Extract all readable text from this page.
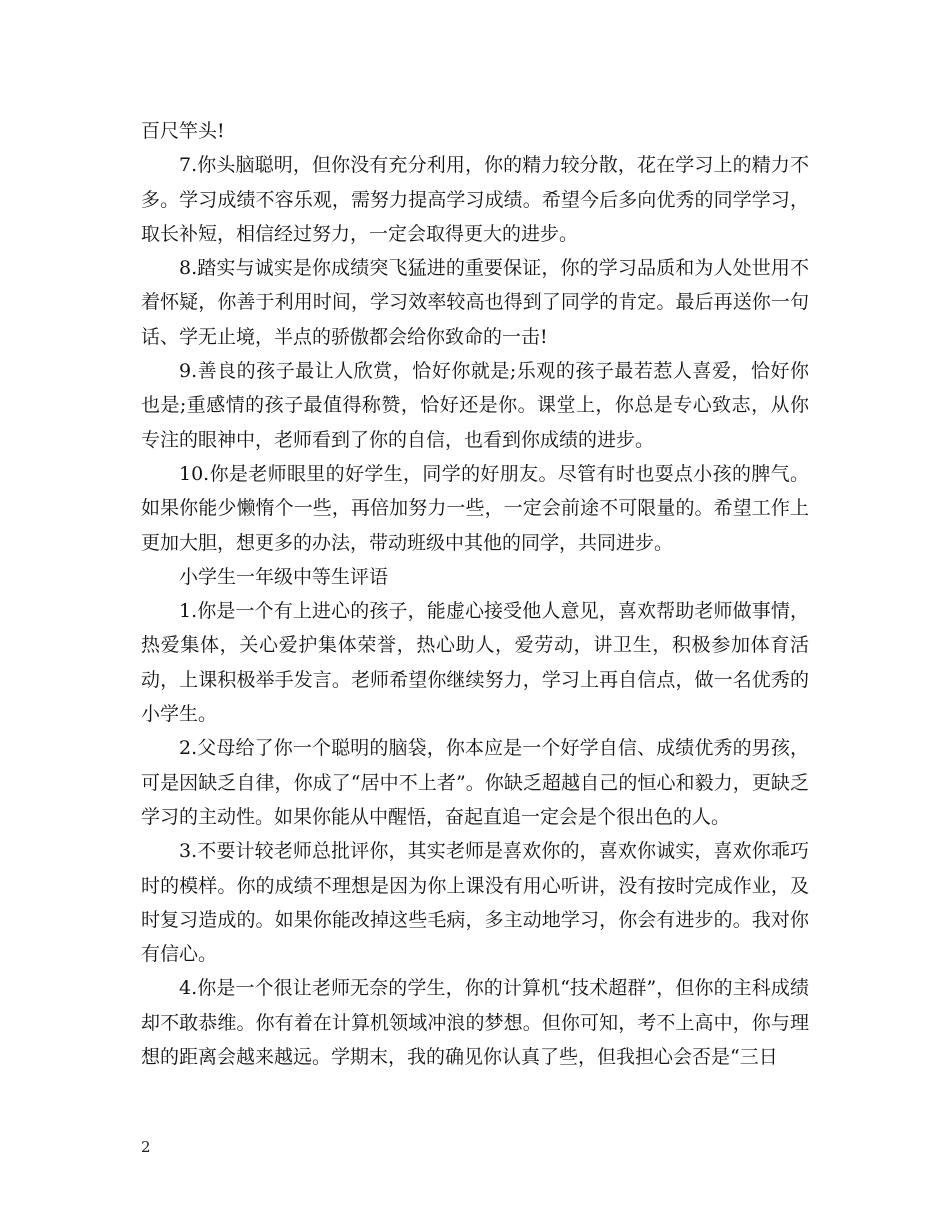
百尺竿头!

7.你头脑聪明，但你没有充分利用，你的精力较分散，花在学习上的精力不多。学习成绩不容乐观，需努力提高学习成绩。希望今后多向优秀的同学学习，取长补短，相信经过努力，一定会取得更大的进步。

8.踏实与诚实是你成绩突飞猛进的重要保证，你的学习品质和为人处世用不着怀疑，你善于利用时间，学习效率较高也得到了同学的肯定。最后再送你一句话、学无止境，半点的骄傲都会给你致命的一击!

9.善良的孩子最让人欣赏，恰好你就是;乐观的孩子最若惹人喜爱，恰好你也是;重感情的孩子最值得称赞，恰好还是你。课堂上，你总是专心致志，从你专注的眼神中，老师看到了你的自信，也看到你成绩的进步。

10.你是老师眼里的好学生，同学的好朋友。尽管有时也耍点小孩的脾气。如果你能少懒惰个一些，再倍加努力一些，一定会前途不可限量的。希望工作上更加大胆，想更多的办法，带动班级中其他的同学，共同进步。

小学生一年级中等生评语

1.你是一个有上进心的孩子，能虚心接受他人意见，喜欢帮助老师做事情，热爱集体，关心爱护集体荣誉，热心助人，爱劳动，讲卫生，积极参加体育活动，上课积极举手发言。老师希望你继续努力，学习上再自信点，做一名优秀的小学生。

2.父母给了你一个聪明的脑袋，你本应是一个好学自信、成绩优秀的男孩，可是因缺乏自律，你成了“居中不上者”。你缺乏超越自己的恒心和毅力，更缺乏学习的主动性。如果你能从中醒悟，奋起直追一定会是个很出色的人。

3.不要计较老师总批评你，其实老师是喜欢你的，喜欢你诚实，喜欢你乖巧时的模样。你的成绩不理想是因为你上课没有用心听讲，没有按时完成作业，及时复习造成的。如果你能改掉这些毛病，多主动地学习，你会有进步的。我对你有信心。

4.你是一个很让老师无奈的学生，你的计算机“技术超群”，但你的主科成绩却不敢恭维。你有着在计算机领域冲浪的梦想。但你可知，考不上高中，你与理想的距离会越来越远。学期末，我的确见你认真了些，但我担心会否是“三日

2
